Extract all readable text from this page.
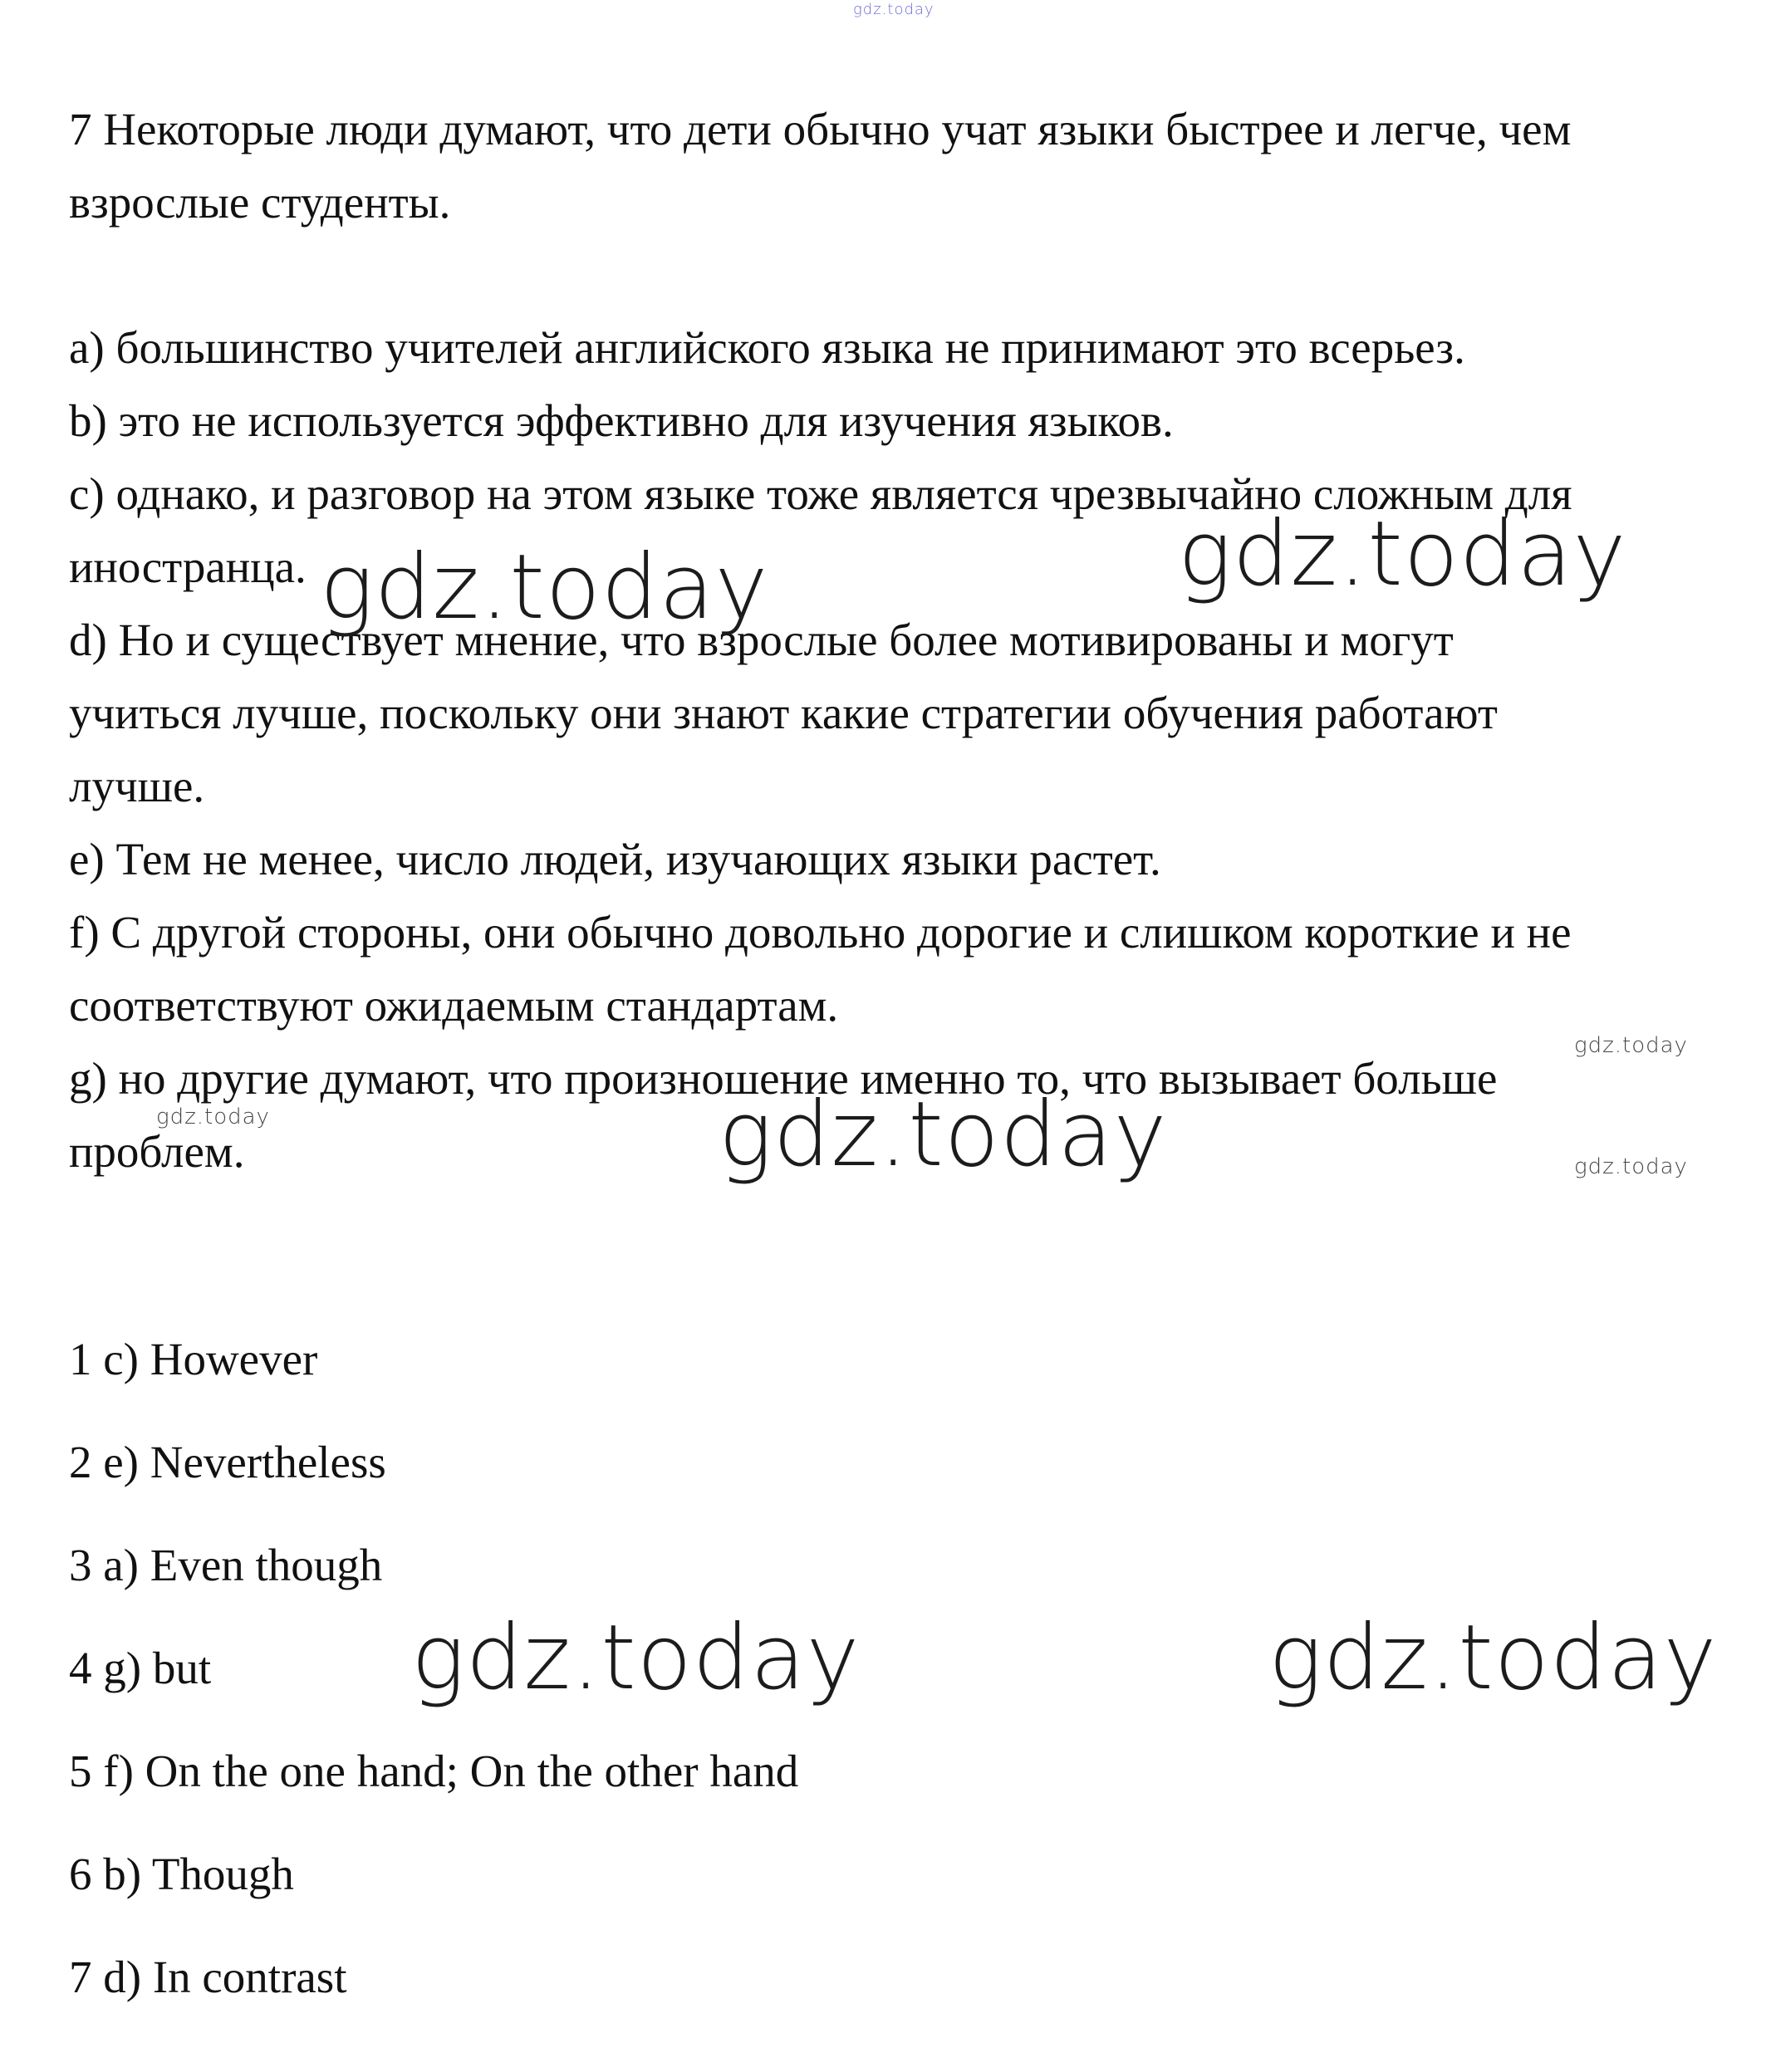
gdz.today
7 Некоторые люди думают, что дети обычно учат языки быстрее и легче, чем
взрослые студенты.
a) большинство учителей английского языка не принимают это всерьез.
b) это не используется эффективно для изучения языков.
c) однако, и разговор на этом языке тоже является чрезвычайно сложным для
иностранца.
d) Но и существует мнение, что взрослые более мотивированы и могут
учиться лучше, поскольку они знают какие стратегии обучения работают
лучше.
e) Тем не менее, число людей, изучающих языки растет.
f) С другой стороны, они обычно довольно дорогие и слишком короткие и не
соответствуют ожидаемым стандартам.
g) но другие думают, что произношение именно то, что вызывает больше
проблем.
1 c) However
2 e) Nevertheless
3 a) Even though
4 g) but
5 f) On the one hand; On the other hand
6 b) Though
7 d) In contrast
gdz.today	gdz.today
gdz.today
gdz.today	gdz.today
gdz.today
gdz.today
gdz.today
